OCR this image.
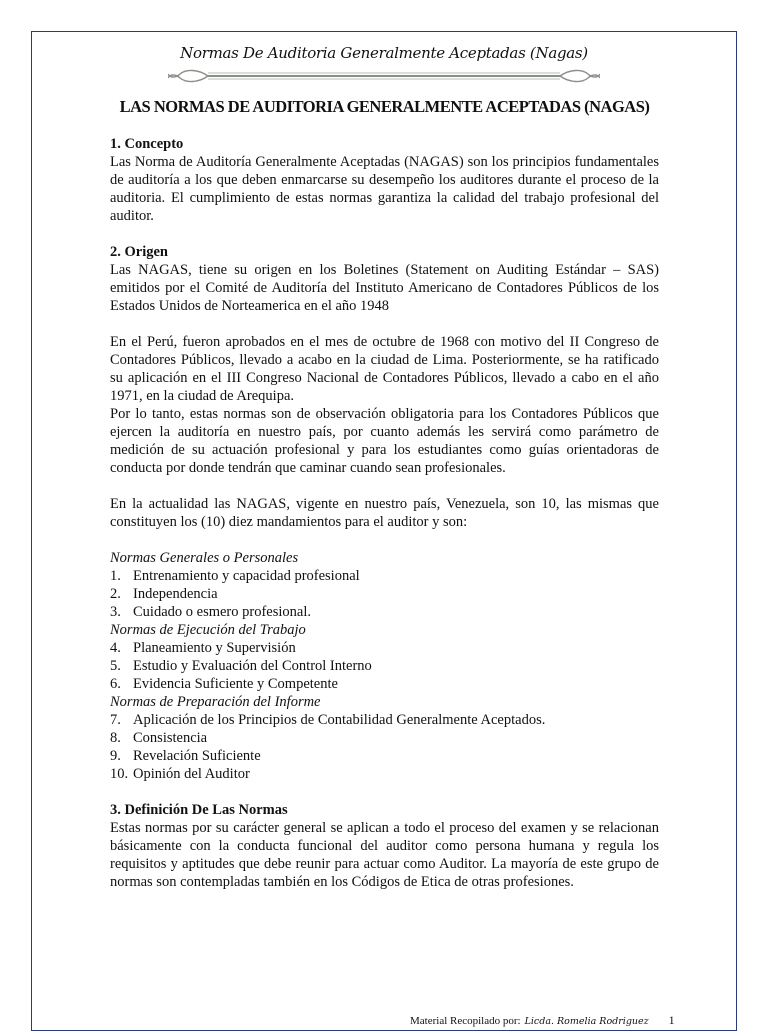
Normas De Auditoria Generalmente Aceptadas (Nagas)
LAS NORMAS DE AUDITORIA GENERALMENTE ACEPTADAS (NAGAS)
1. Concepto

Las Norma de Auditoría Generalmente Aceptadas (NAGAS) son los principios fundamentales de auditoría a los que deben enmarcarse su desempeño los auditores durante el proceso de la auditoria. El cumplimiento de estas normas garantiza la calidad del trabajo profesional del auditor.

2. Origen

Las NAGAS, tiene su origen en los Boletines (Statement on Auditing Estándar – SAS) emitidos por el Comité de Auditoría del Instituto Americano de Contadores Públicos de los Estados Unidos de Norteamerica en el año 1948

En el Perú, fueron aprobados en el mes de octubre de 1968 con motivo del II Congreso de Contadores Públicos, llevado a acabo en la ciudad de Lima. Posteriormente, se ha ratificado su aplicación en el III Congreso Nacional de Contadores Públicos, llevado a cabo en el año 1971, en la ciudad de Arequipa.

Por lo tanto, estas normas son de observación obligatoria para los Contadores Públicos que ejercen la auditoría en nuestro país, por cuanto además les servirá como parámetro de medición de su actuación profesional y para los estudiantes como guías orientadoras de conducta por donde tendrán que caminar cuando sean profesionales.

En la actualidad las NAGAS, vigente en nuestro país, Venezuela, son 10, las mismas que constituyen los (10) diez mandamientos para el auditor y son:

Normas Generales o Personales
1. Entrenamiento y capacidad profesional
2. Independencia
3. Cuidado o esmero profesional.
Normas de Ejecución del Trabajo
4. Planeamiento y Supervisión
5. Estudio y Evaluación del Control Interno
6. Evidencia Suficiente y Competente
Normas de Preparación del Informe
7. Aplicación de los Principios de Contabilidad Generalmente Aceptados.
8. Consistencia
9. Revelación Suficiente
10. Opinión del Auditor
3. Definición De Las Normas

Estas normas por su carácter general se aplican a todo el proceso del examen y se relacionan básicamente con la conducta funcional del auditor como persona humana y regula los requisitos y aptitudes que debe reunir para actuar como Auditor. La mayoría de este grupo de normas son contempladas también en los Códigos de Etica de otras profesiones.

Material Recopilado por: Licda. Romelia Rodriguez 1
